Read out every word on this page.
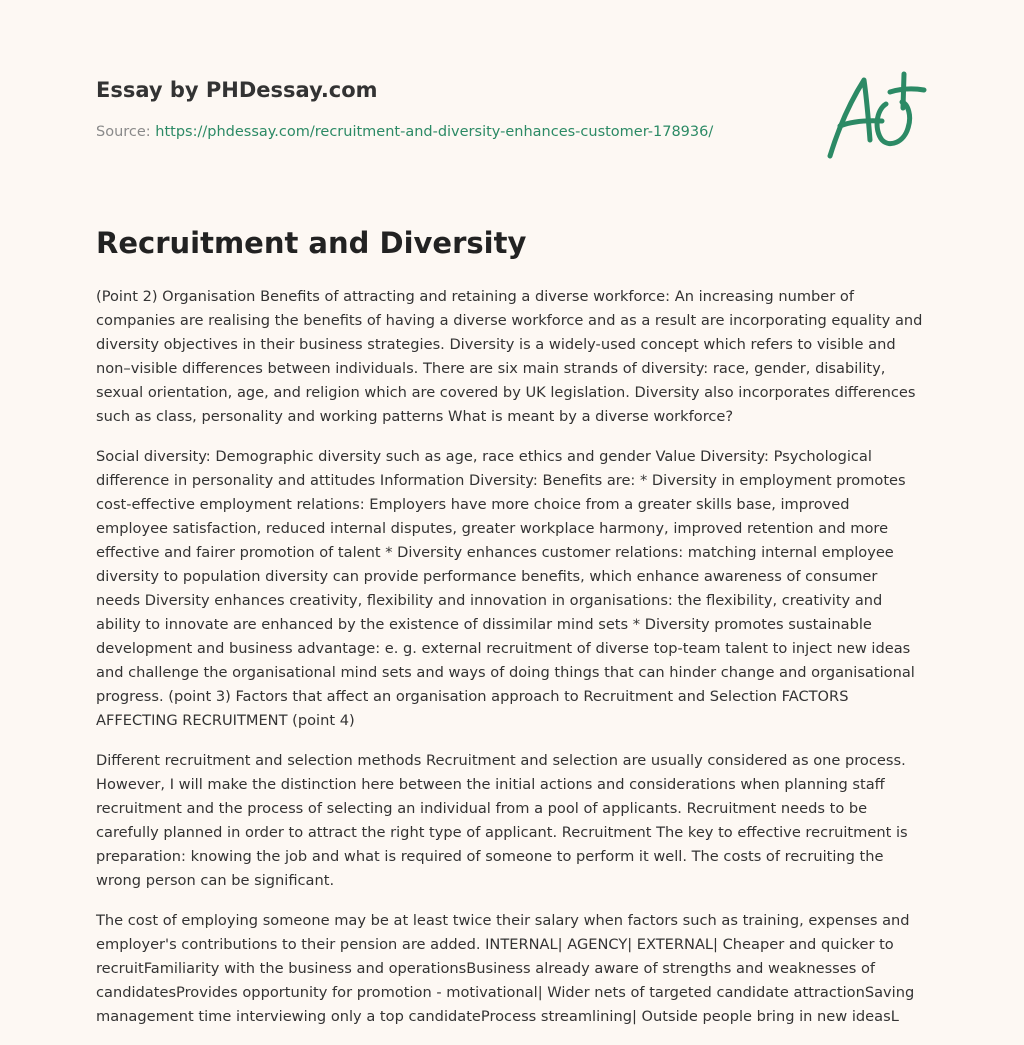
Essay by PHDessay.com
Source: https://phdessay.com/recruitment-and-diversity-enhances-customer-178936/
Recruitment and Diversity

(Point 2) Organisation Benefits of attracting and retaining a diverse workforce: An increasing number of companies are realising the benefits of having a diverse workforce and as a result are incorporating equality and diversity objectives in their business strategies. Diversity is a widely-used concept which refers to visible and non–visible differences between individuals. There are six main strands of diversity: race, gender, disability, sexual orientation, age, and religion which are covered by UK legislation. Diversity also incorporates differences such as class, personality and working patterns What is meant by a diverse workforce?

Social diversity: Demographic diversity such as age, race ethics and gender Value Diversity: Psychological difference in personality and attitudes Information Diversity: Benefits are: * Diversity in employment promotes cost-effective employment relations: Employers have more choice from a greater skills base, improved employee satisfaction, reduced internal disputes, greater workplace harmony, improved retention and more effective and fairer promotion of talent * Diversity enhances customer relations: matching internal employee diversity to population diversity can provide performance benefits, which enhance awareness of consumer needs Diversity enhances creativity, flexibility and innovation in organisations: the flexibility, creativity and ability to innovate are enhanced by the existence of dissimilar mind sets * Diversity promotes sustainable development and business advantage: e. g. external recruitment of diverse top-team talent to inject new ideas and challenge the organisational mind sets and ways of doing things that can hinder change and organisational progress. (point 3) Factors that affect an organisation approach to Recruitment and Selection FACTORS AFFECTING RECRUITMENT (point 4)

Different recruitment and selection methods Recruitment and selection are usually considered as one process. However, I will make the distinction here between the initial actions and considerations when planning staff recruitment and the process of selecting an individual from a pool of applicants. Recruitment needs to be carefully planned in order to attract the right type of applicant. Recruitment The key to effective recruitment is preparation: knowing the job and what is required of someone to perform it well. The costs of recruiting the wrong person can be significant.

The cost of employing someone may be at least twice their salary when factors such as training, expenses and employer's contributions to their pension are added. INTERNAL| AGENCY| EXTERNAL| Cheaper and quicker to recruitFamiliarity with the business and operationsBusiness already aware of strengths and weaknesses of candidatesProvides opportunity for promotion - motivational| Wider nets of targeted candidate attractionSaving management time interviewing only a top candidateProcess streamlining| Outside people bring in new ideasL
